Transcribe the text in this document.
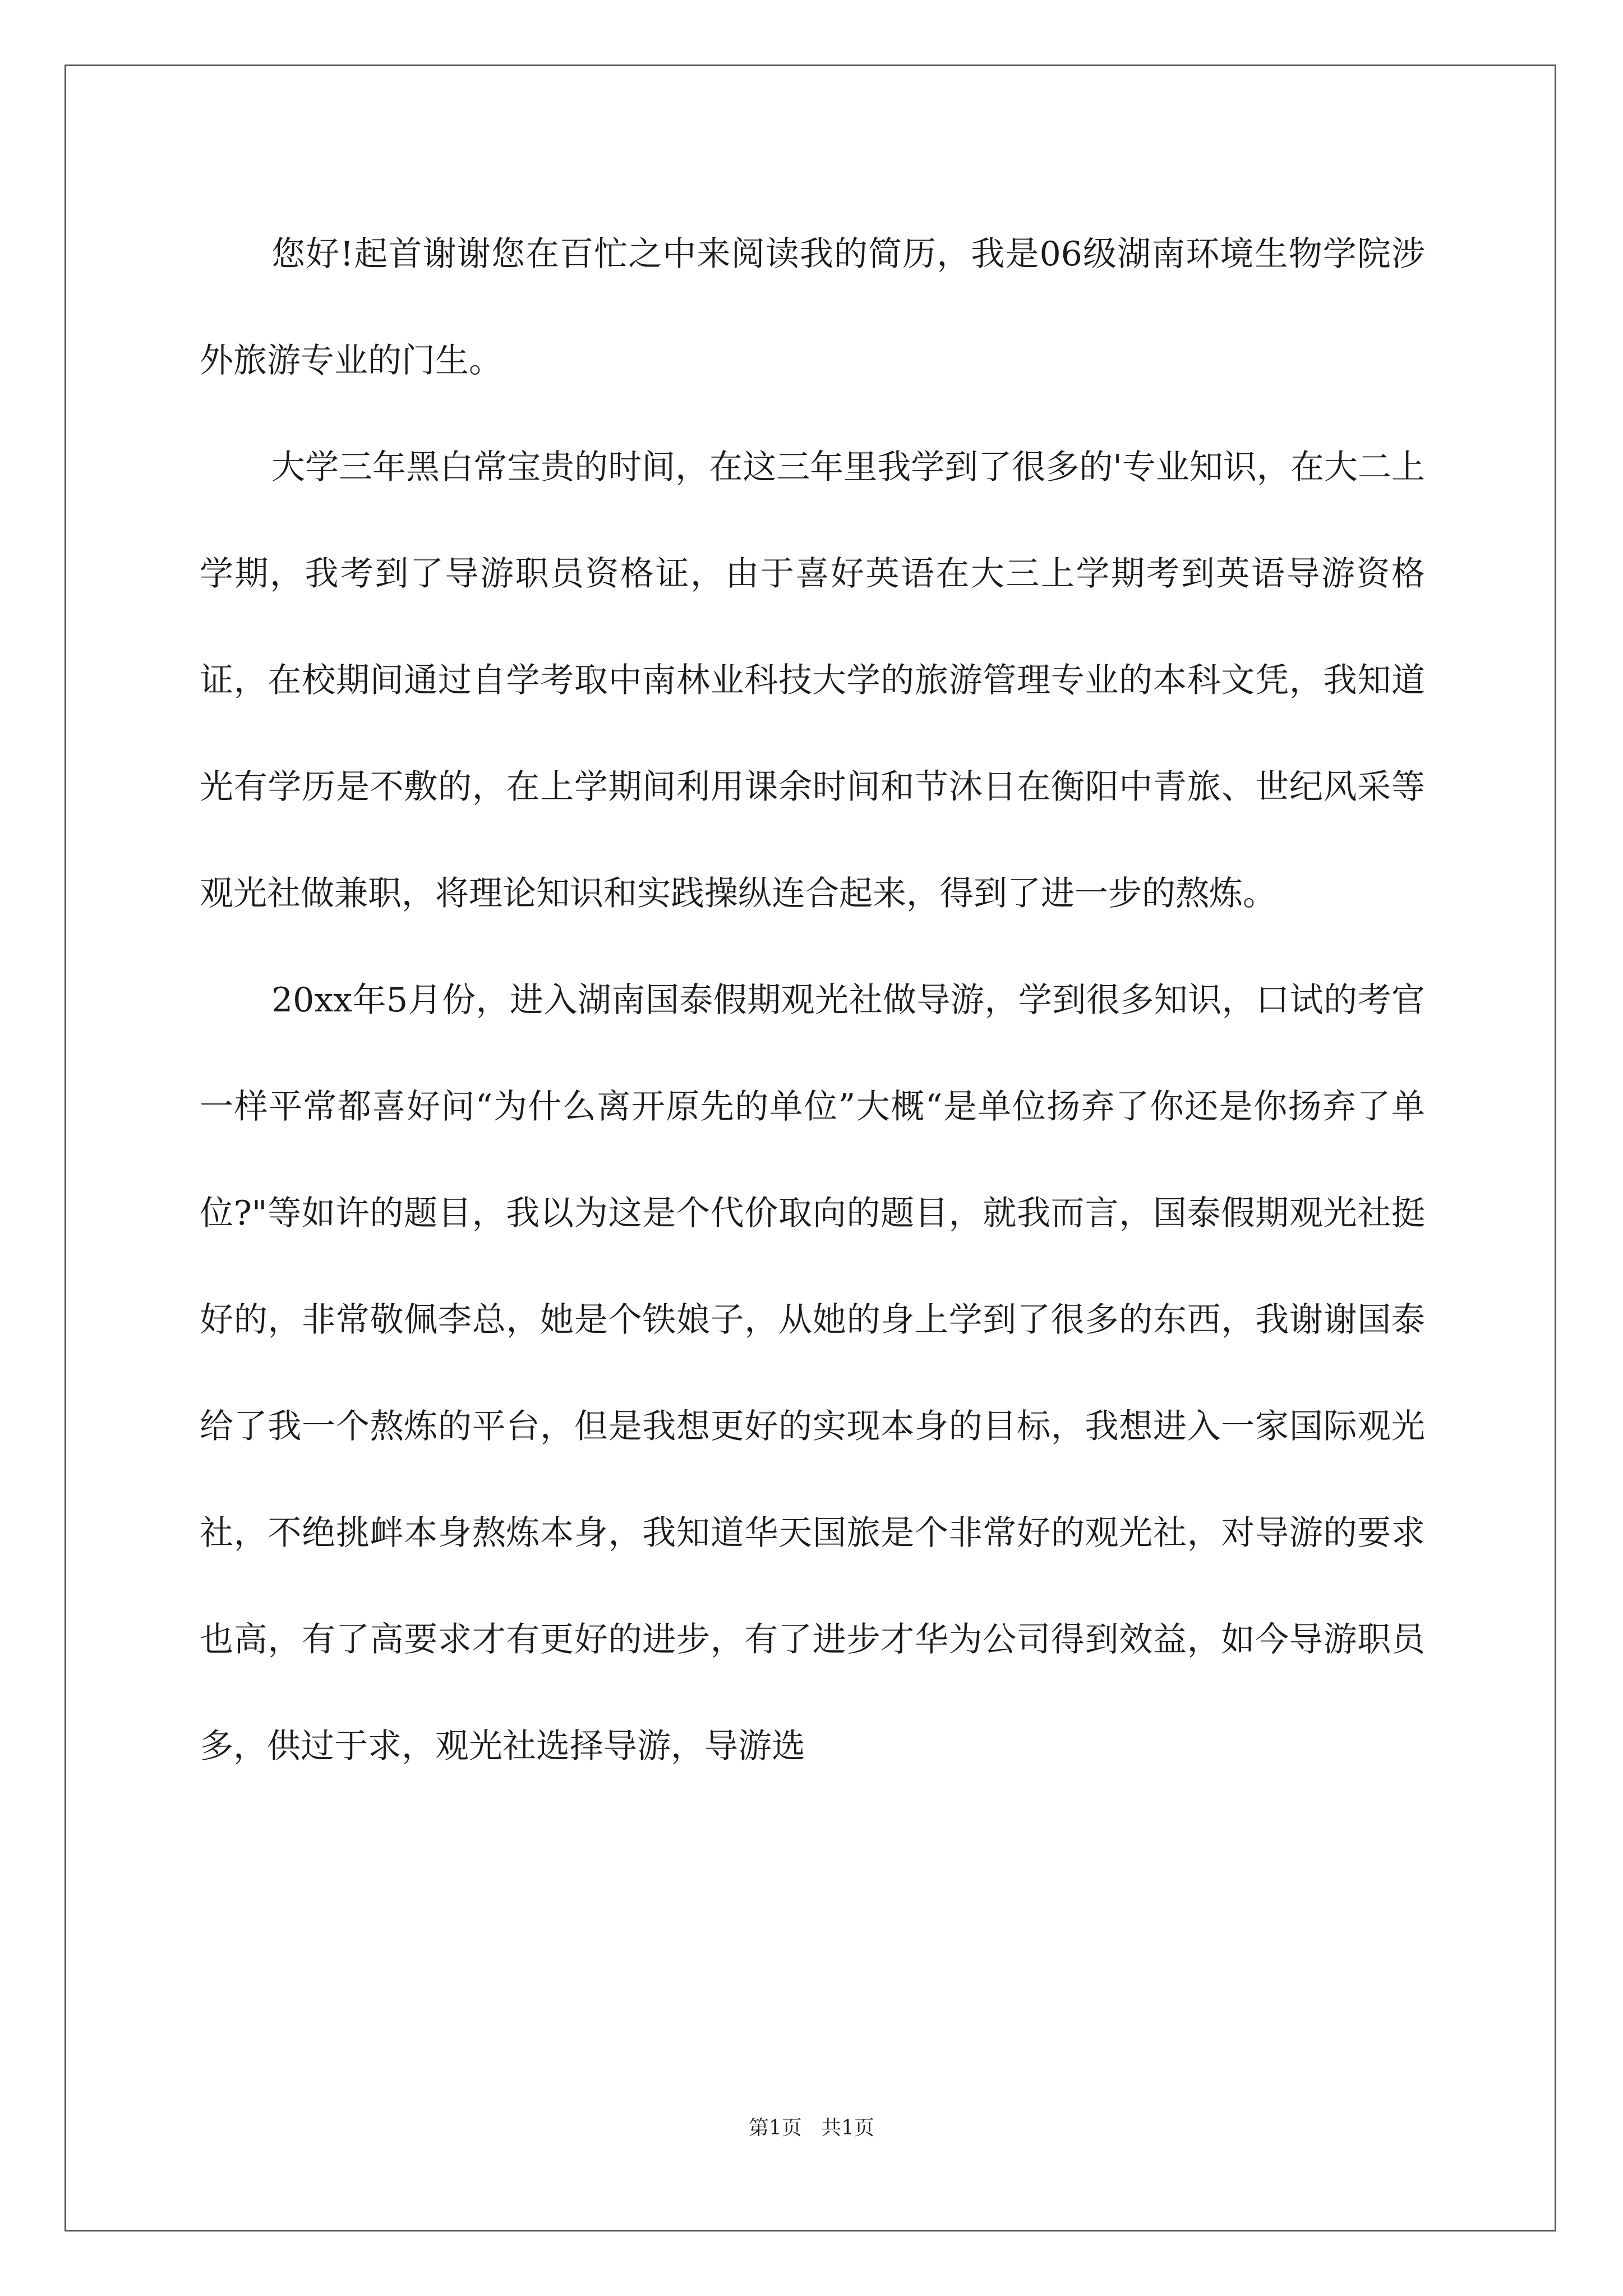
您好!起首谢谢您在百忙之中来阅读我的简历，我是06级湖南环境生物学院涉外旅游专业的门生。

大学三年黑白常宝贵的时间，在这三年里我学到了很多的'专业知识，在大二上学期，我考到了导游职员资格证，由于喜好英语在大三上学期考到英语导游资格证，在校期间通过自学考取中南林业科技大学的旅游管理专业的本科文凭，我知道光有学历是不敷的，在上学期间利用课余时间和节沐日在衡阳中青旅、世纪风采等观光社做兼职，将理论知识和实践操纵连合起来，得到了进一步的熬炼。

20xx年5月份，进入湖南国泰假期观光社做导游，学到很多知识，口试的考官一样平常都喜好问“为什么离开原先的单位”大概“是单位扬弃了你还是你扬弃了单位?"等如许的题目，我以为这是个代价取向的题目，就我而言，国泰假期观光社挺好的，非常敬佩李总，她是个铁娘子，从她的身上学到了很多的东西，我谢谢国泰给了我一个熬炼的平台，但是我想更好的实现本身的目标，我想进入一家国际观光社，不绝挑衅本身熬炼本身，我知道华天国旅是个非常好的观光社，对导游的要求也高，有了高要求才有更好的进步，有了进步才华为公司得到效益，如今导游职员多，供过于求，观光社选择导游，导游选

第1页   共1页
